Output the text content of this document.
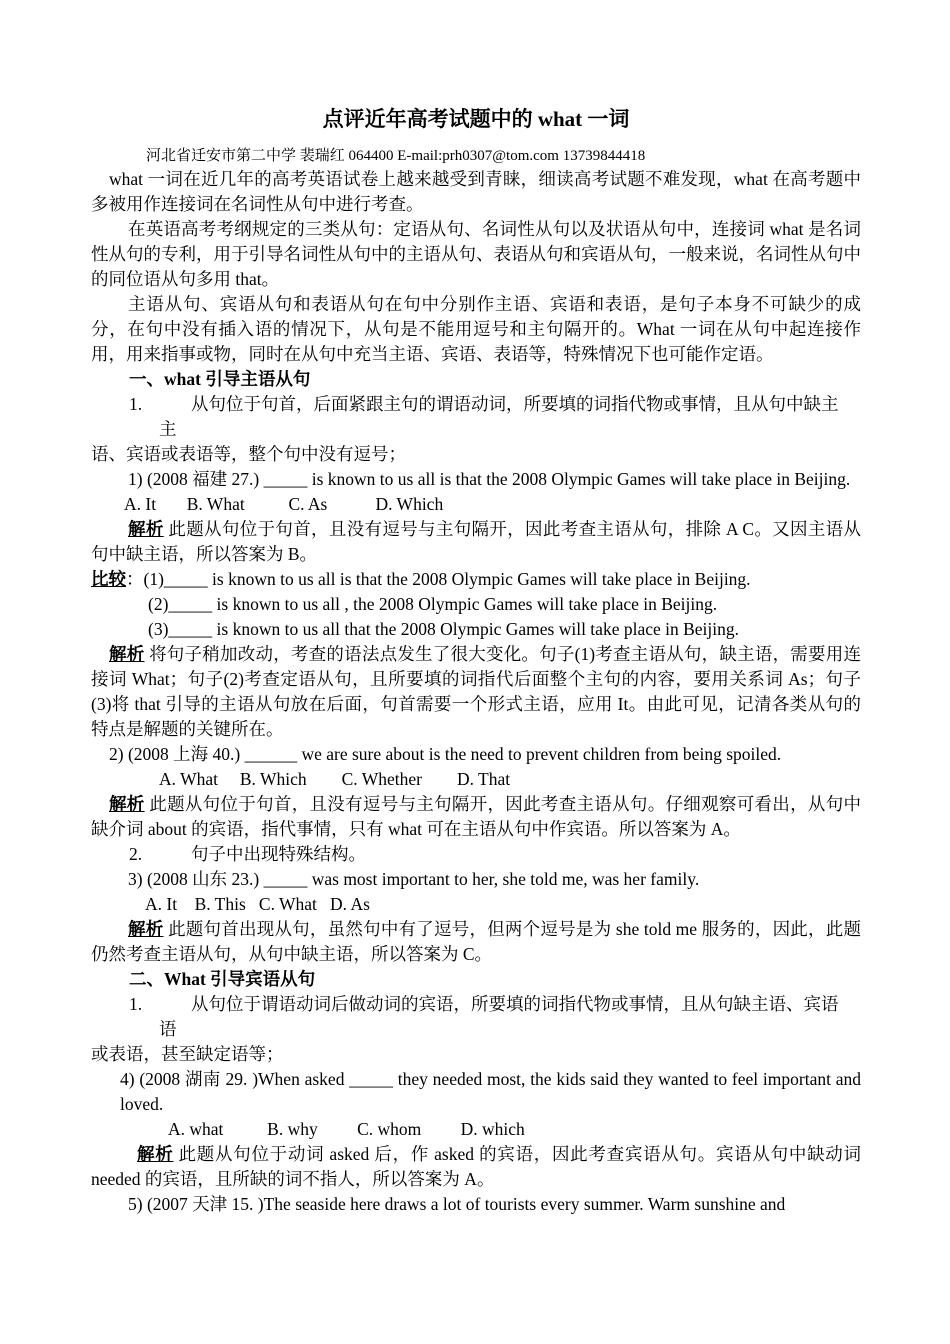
点评近年高考试题中的 what 一词
河北省迁安市第二中学 裴瑞红 064400 E-mail:prh0307@tom.com 13739844418

what 一词在近几年的高考英语试卷上越来越受到青睐，细读高考试题不难发现，what 在高考题中多被用作连接词在名词性从句中进行考查。

在英语高考考纲规定的三类从句：定语从句、名词性从句以及状语从句中，连接词 what 是名词性从句的专利，用于引导名词性从句中的主语从句、表语从句和宾语从句，一般来说，名词性从句中的同位语从句多用 that。

主语从句、宾语从句和表语从句在句中分别作主语、宾语和表语，是句子本身不可缺少的成分，在句中没有插入语的情况下，从句是不能用逗号和主句隔开的。What 一词在从句中起连接作用，用来指事或物，同时在从句中充当主语、宾语、表语等，特殊情况下也可能作定语。

一、what 引导主语从句
1.	从句位于句首，后面紧跟主句的谓语动词，所要填的词指代物或事情，且从句中缺主

主

语、宾语或表语等，整个句中没有逗号；

1) (2008 福建 27.) _____ is known to us all is that the 2008 Olympic Games will take place in Beijing.

A. It       B. What          C. As           D. Which

解析 此题从句位于句首，且没有逗号与主句隔开，因此考查主语从句，排除 A C。又因主语从句中缺主语，所以答案为 B。

比较：(1)_____ is known to us all is that the 2008 Olympic Games will take place in Beijing.
(2)_____ is known to us all , the 2008 Olympic Games will take place in Beijing.
(3)_____ is known to us all that the 2008 Olympic Games will take place in Beijing.

解析 将句子稍加改动，考查的语法点发生了很大变化。句子(1)考查主语从句，缺主语，需要用连接词 What；句子(2)考查定语从句，且所要填的词指代后面整个主句的内容，要用关系词 As；句子(3)将 that 引导的主语从句放在后面，句首需要一个形式主语，应用 It。由此可见，记清各类从句的特点是解题的关键所在。

2) (2008 上海 40.) ______ we are sure about is the need to prevent children from being spoiled.

A. What     B. Which        C. Whether        D. That

解析 此题从句位于句首，且没有逗号与主句隔开，因此考查主语从句。仔细观察可看出，从句中缺介词 about 的宾语，指代事情，只有 what 可在主语从句中作宾语。所以答案为 A。

2.	句子中出现特殊结构。

3) (2008 山东 23.) _____ was most important to her, she told me, was her family.

A. It    B. This   C. What   D. As

解析 此题句首出现从句，虽然句中有了逗号，但两个逗号是为 she told me 服务的，因此，此题仍然考查主语从句，从句中缺主语，所以答案为 C。

二、What 引导宾语从句
1.	从句位于谓语动词后做动词的宾语，所要填的词指代物或事情，且从句缺主语、宾语

语

或表语，甚至缺定语等；

4) (2008 湖南 29. )When asked _____ they needed most, the kids said they wanted to feel important and loved.

A. what          B. why         C. whom         D. which

解析 此题从句位于动词 asked 后，作 asked 的宾语，因此考查宾语从句。宾语从句中缺动词 needed 的宾语，且所缺的词不指人，所以答案为 A。

5) (2007 天津 15. )The seaside here draws a lot of tourists every summer. Warm sunshine and
